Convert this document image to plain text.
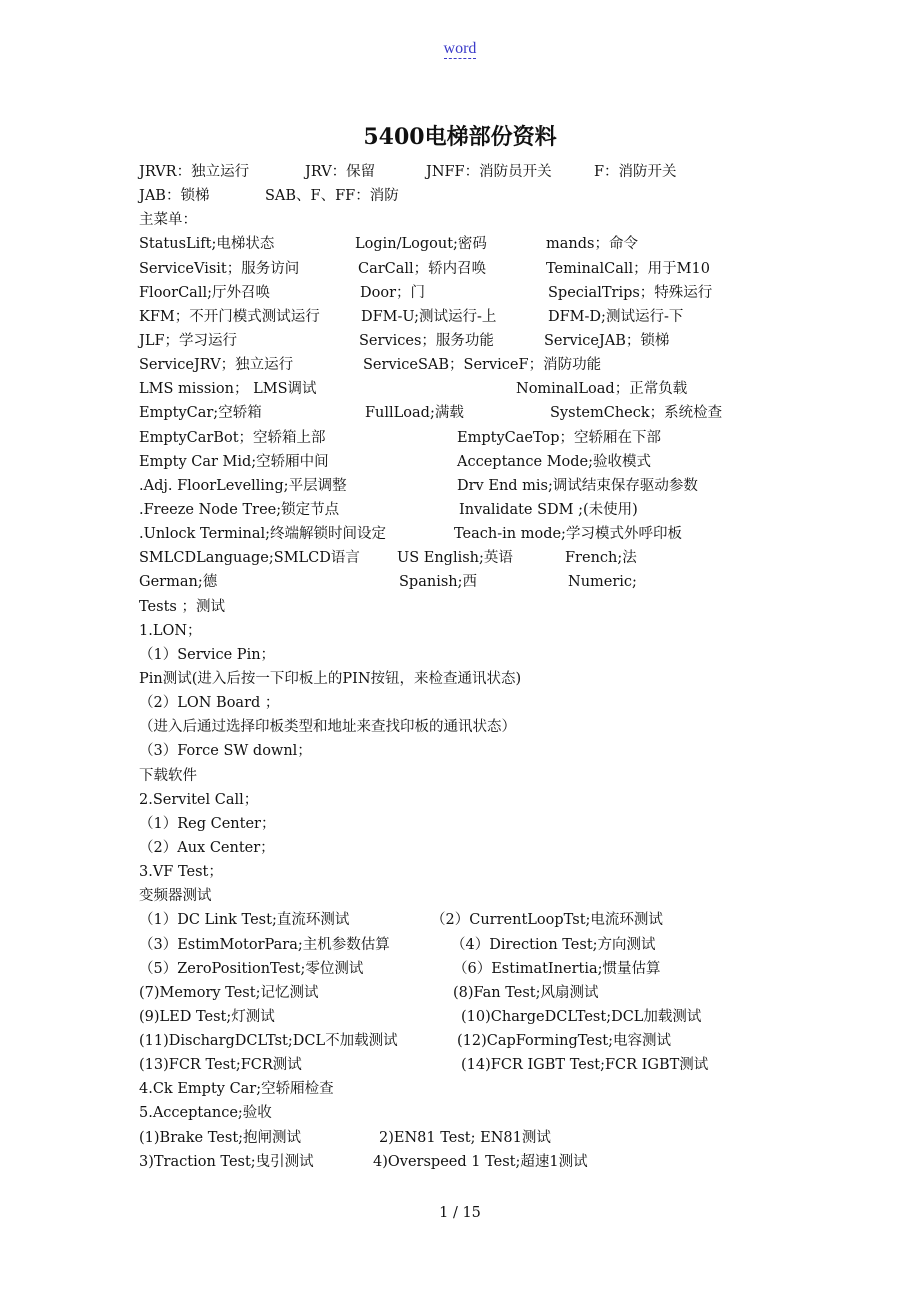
word
5400电梯部份资料
JRVR：独立运行	JRV：保留	JNFF：消防员开关	F：消防开关
JAB：锁梯	SAB、F、FF：消防
主菜单：
StatusLift;电梯状态	Login/Logout;密码	mands；命令
ServiceVisit；服务访问	CarCall；轿内召唤	TeminalCall；用于M10
FloorCall;厅外召唤	Door；门	SpecialTrips；特殊运行
KFM；不开门模式测试运行	DFM-U;测试运行-上	DFM-D;测试运行-下
JLF；学习运行	Services；服务功能	ServiceJAB；锁梯
ServiceJRV；独立运行	ServiceSAB；ServiceF；消防功能
LMS mission； LMS调试	NominalLoad；正常负载
EmptyCar;空轿箱	FullLoad;满载	SystemCheck；系统检查
EmptyCarBot；空轿箱上部	EmptyCaeTop；空轿厢在下部
Empty Car Mid;空轿厢中间	Acceptance Mode;验收模式
.Adj. FloorLevelling;平层调整	Drv End mis;调试结束保存驱动参数
.Freeze Node Tree;锁定节点	Invalidate SDM ;(未使用)
.Unlock Terminal;终端解锁时间设定	Teach-in mode;学习模式外呼印板
SMLCDLanguage;SMLCD语言	US English;英语	French;法
German;德	Spanish;西	Numeric;
Tests ；测试
1.LON；
（1）Service Pin；
Pin测试(进入后按一下印板上的PIN按钮，来检查通讯状态)
（2）LON Board ；
（进入后通过选择印板类型和地址来查找印板的通讯状态）
（3）Force SW downl；
下载软件
2.Servitel Call；
（1）Reg Center；
（2）Aux Center；
3.VF Test；
变频器测试
（1）DC Link Test;直流环测试	（2）CurrentLoopTst;电流环测试
（3）EstimMotorPara;主机参数估算	（4）Direction Test;方向测试
（5）ZeroPositionTest;零位测试	（6）EstimatInertia;惯量估算
(7)Memory Test;记忆测试	(8)Fan Test;风扇测试
(9)LED Test;灯测试	(10)ChargeDCLTest;DCL加载测试
(11)DischargDCLTst;DCL不加载测试	(12)CapFormingTest;电容测试
(13)FCR Test;FCR测试	(14)FCR IGBT Test;FCR IGBT测试
4.Ck Empty Car;空轿厢检查
5.Acceptance;验收
(1)Brake Test;抱闸测试	2)EN81 Test; EN81测试
3)Traction Test;曳引测试	4)Overspeed 1 Test;超速1测试
1 / 15
